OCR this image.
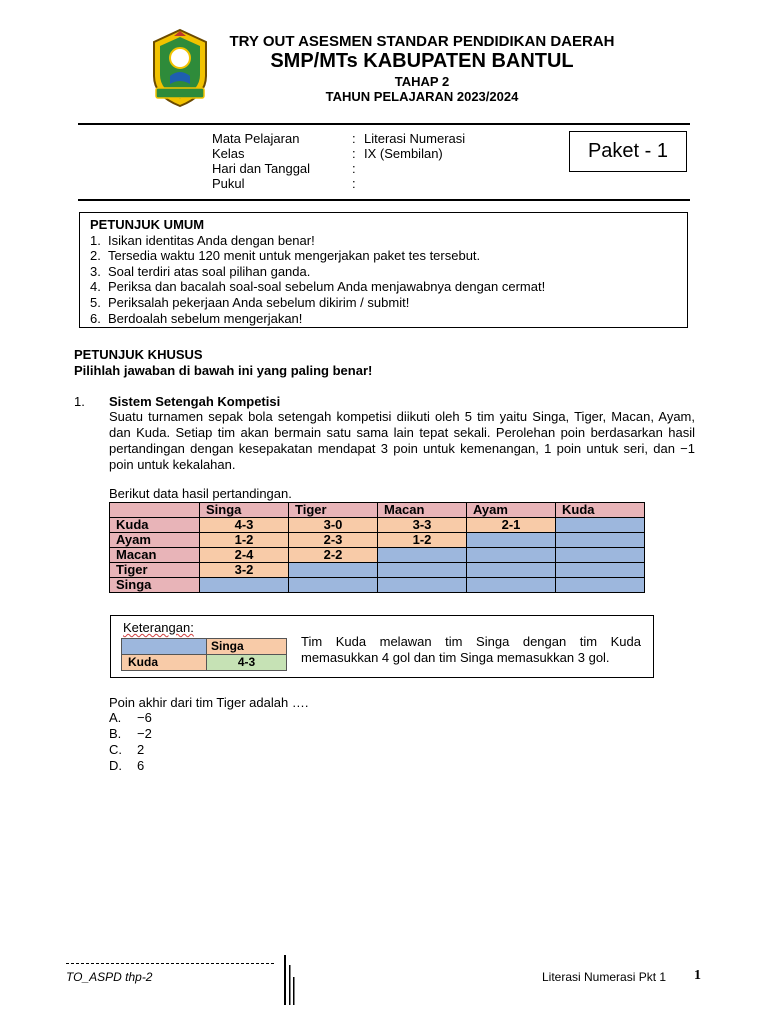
TRY OUT ASESMEN STANDAR PENDIDIKAN DAERAH
SMP/MTs KABUPATEN BANTUL
TAHAP 2
TAHUN PELAJARAN 2023/2024
Mata Pelajaran	: Literasi Numerasi
Kelas	: IX (Sembilan)
Hari dan Tanggal	:
Pukul	:
Paket - 1
PETUNJUK UMUM
1. Isikan identitas Anda dengan benar!
2. Tersedia waktu 120 menit untuk mengerjakan paket tes tersebut.
3. Soal terdiri atas soal pilihan ganda.
4. Periksa dan bacalah soal-soal sebelum Anda menjawabnya dengan cermat!
5. Periksalah pekerjaan Anda sebelum dikirim / submit!
6. Berdoalah sebelum mengerjakan!
PETUNJUK KHUSUS
Pilihlah jawaban di bawah ini yang paling benar!
1. Sistem Setengah Kompetisi
Suatu turnamen sepak bola setengah kompetisi diikuti oleh 5 tim yaitu Singa, Tiger, Macan, Ayam, dan Kuda. Setiap tim akan bermain satu sama lain tepat sekali. Perolehan poin berdasarkan hasil pertandingan dengan kesepakatan mendapat 3 poin untuk kemenangan, 1 poin untuk seri, dan −1 poin untuk kekalahan.
Berikut data hasil pertandingan.
	Singa	Tiger	Macan	Ayam	Kuda
Kuda	4-3	3-0	3-3	2-1	
Ayam	1-2	2-3	1-2		
Macan	2-4	2-2			
Tiger	3-2				
Singa					
Keterangan:
	Singa
Kuda	4-3
Tim Kuda melawan tim Singa dengan tim Kuda
memasukkan 4 gol dan tim Singa memasukkan 3 gol.
Poin akhir dari tim Tiger adalah ….
A. −6
B. −2
C. 2
D. 6
TO_ASPD thp-2	Literasi Numerasi Pkt 1 1
